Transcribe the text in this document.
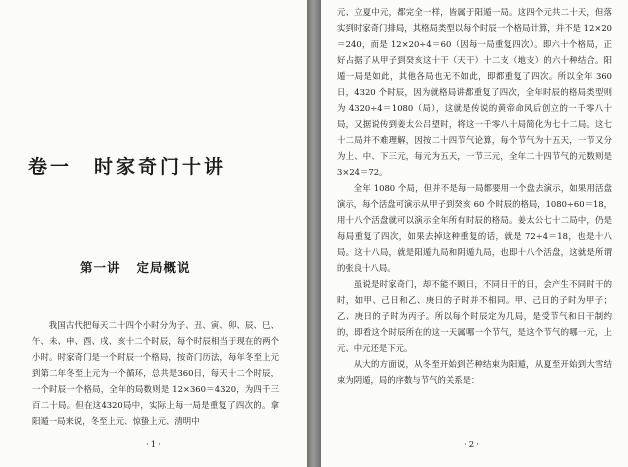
卷一 时家奇门十讲
第一讲 定局概说

我国古代把每天二十四个小时分为子、丑、寅、卯、辰、巳、午、未、申、酉、戌、亥十二个时辰，每个时辰相当于现在的两个小时。时家奇门是一个时辰一个格局，按奇门历法，每年冬至上元到第二年冬至上元为一个循环，总共是360日，每天十二个时辰，一个时辰一个格局，全年的局数则是 12×360＝4320，为四千三百二十局。但在这4320局中，实际上每一局是重复了四次的。拿阳遁一局来说，冬至上元、惊蛰上元、清明中

·1·

元、立夏中元，都完全一样，皆属于阳遁一局。这四个元共二十天，但落实到时家奇门排局，其格局类型以每个时辰一个格局计算，并不是 12×20＝240，而是 12×20÷4＝60（因每一局重复四次）。即六十个格局，正好占据了从甲子到癸亥这十干（天干）十二支（地支）的六十种结合。阳遁一局是如此，其他各局也无不如此，即都重复了四次。所以全年 360 日，4320 个时辰，因为就格局讲都重复了四次，全年时辰的格局类型则为 4320÷4＝1080（局），这就是传说的黄帝命风后创立的一千零八十局，又据说传到姜太公吕望时，将这一千零八十局简化为七十二局。这七十二局并不难理解，因按二十四节气论算，每个节气为十五天，一节又分为上、中、下三元，每元为五天，一节三元，全年二十四节气的元数则是 3×24＝72。

全年 1080 个局，但并不是每一局都要用一个盘去演示，如果用活盘演示，每个活盘可演示从甲子到癸亥 60 个时辰的格局，1080÷60＝18，用十八个活盘就可以演示全年所有时辰的格局。姜太公七十二局中，仍是每局重复了四次，如果去掉这种重复的话，就是 72÷4＝18，也是十八局。这十八局，就是阳遁九局和阴遁九局，也即十八个活盘，这就是所谓的张良十八局。

虽说是时家奇门，却不能不顾日，不同日干的日，会产生不同时干的时，如甲、己日和乙、庚日的子时并不相同。甲、己日的子时为甲子；乙、庚日的子时为丙子。所以每个时辰定为几局，是受节气和日干制约的，即看这个时辰所在的这一天属哪一个节气，是这个节气的哪一元，上元、中元还是下元。

从大的方面说，从冬至开始到芒种结束为阳遁，从夏至开始到大雪结束为阴遁，局的序数与节气的关系是：

·2·
